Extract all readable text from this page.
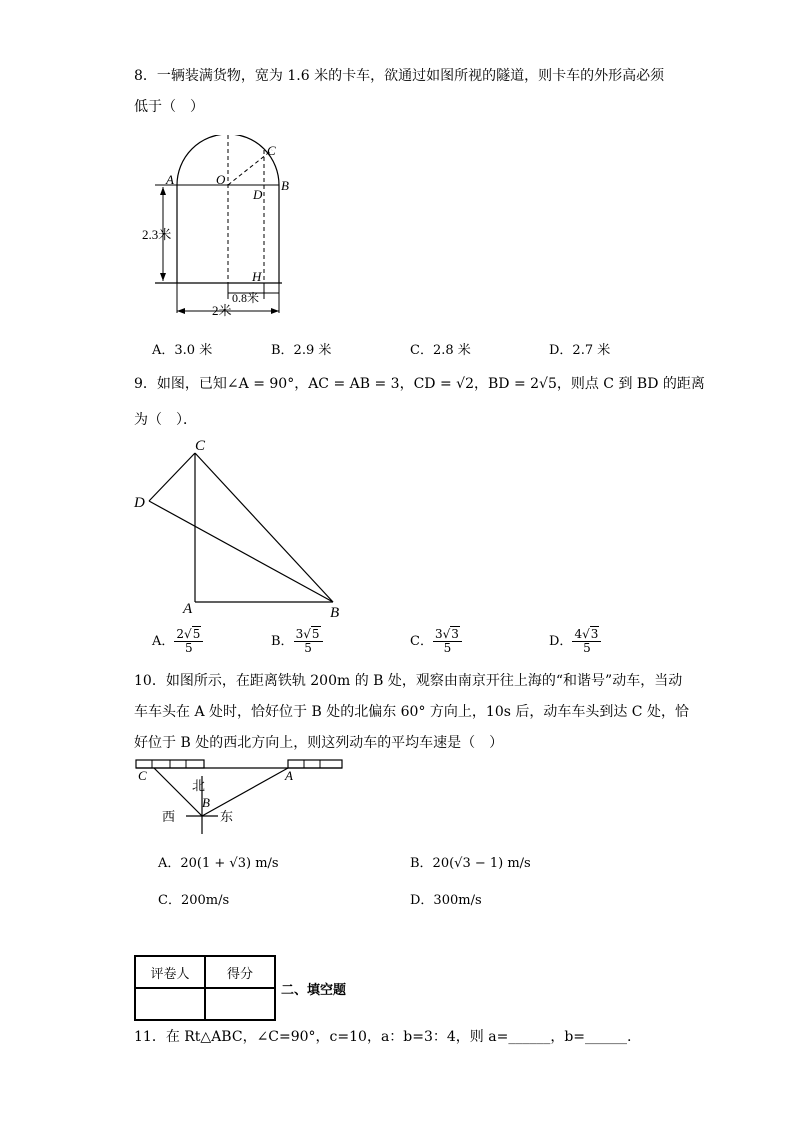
8．一辆装满货物，宽为 1.6 米的卡车，欲通过如图所视的隧道，则卡车的外形高必须
低于（　）
A	O
C
D
B
H
2.3米
0.8米
2米
A．3.0 米	B．2.9 米	C．2.8 米	D．2.7 米
9．如图，已知∠A = 90°，AC = AB = 3，CD = √2，BD = 2√5，则点 C 到 BD 的距离
为（　）．
C
D
A	B
A． $\frac{2√5}{5}$	B． $\frac{3√5}{5}$	C． $\frac{3√3}{5}$	D． $\frac{4√3}{5}$
10．如图所示，在距离铁轨 200m 的 B 处，观察由南京开往上海的“和谐号”动车，当动
车车头在 A 处时，恰好位于 B 处的北偏东 60° 方向上，10s 后，动车车头到达 C 处，恰
好位于 B 处的西北方向上，则这列动车的平均车速是（　）
C	A
B
北
西	东
A．20(1 + √3) m/s	B．20(√3 − 1) m/s
C．200m/s	D．300m/s
评卷人	得分

二、填空题
11．在 Rt△ABC，∠C=90°，c=10，a：b=3：4，则 a=______，b=______.
